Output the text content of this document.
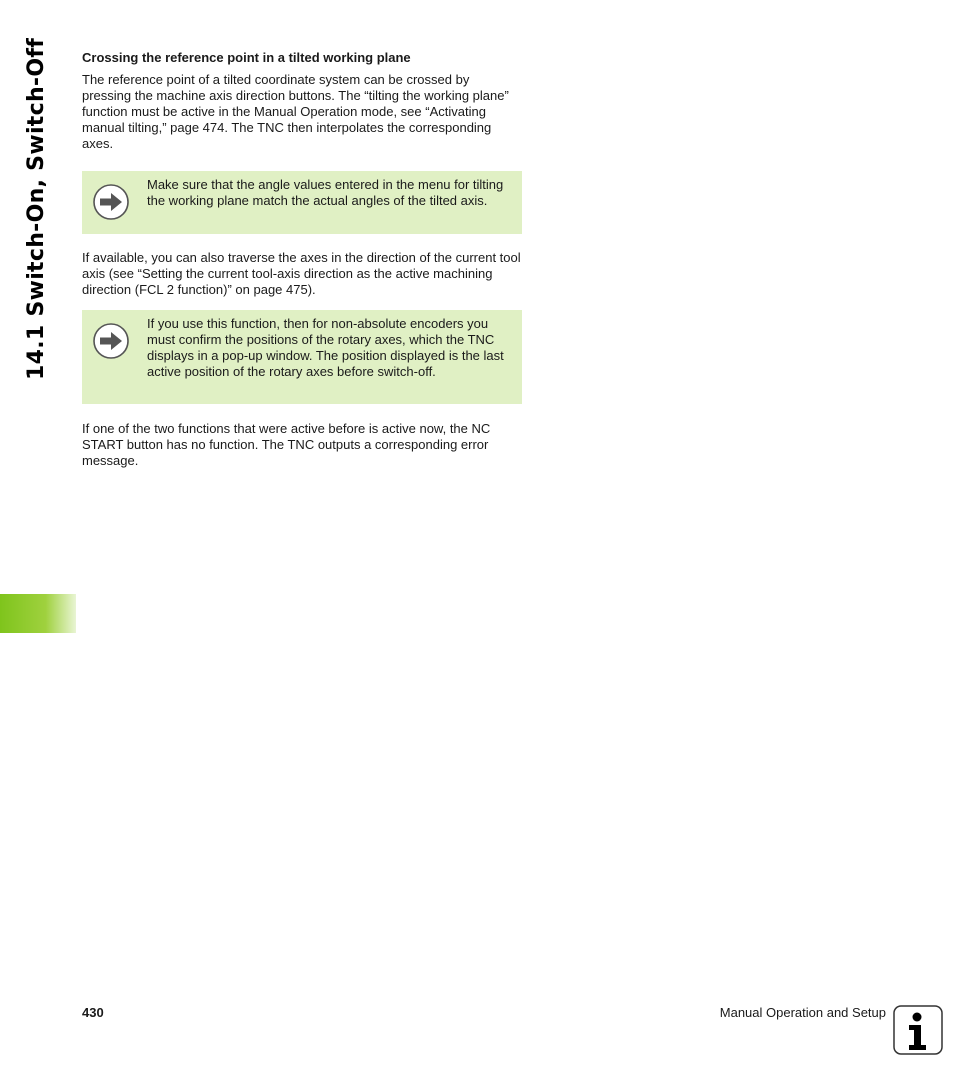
14.1 Switch-On, Switch-Off	Crossing the reference point in a tilted working plane

The reference point of a tilted coordinate system can be crossed by pressing the machine axis direction buttons. The “tilting the working plane” function must be active in the Manual Operation mode, see “Activating manual tilting,” page 474. The TNC then interpolates the corresponding axes.

Make sure that the angle values entered in the menu for tilting the working plane match the actual angles of the tilted axis.

If available, you can also traverse the axes in the direction of the current tool axis (see “Setting the current tool-axis direction as the active machining direction (FCL 2 function)” on page 475).

If you use this function, then for non-absolute encoders you must confirm the positions of the rotary axes, which the TNC displays in a pop-up window. The position displayed is the last active position of the rotary axes before switch-off.

If one of the two functions that were active before is active now, the NC START button has no function. The TNC outputs a corresponding error message.

430	Manual Operation and Setup
